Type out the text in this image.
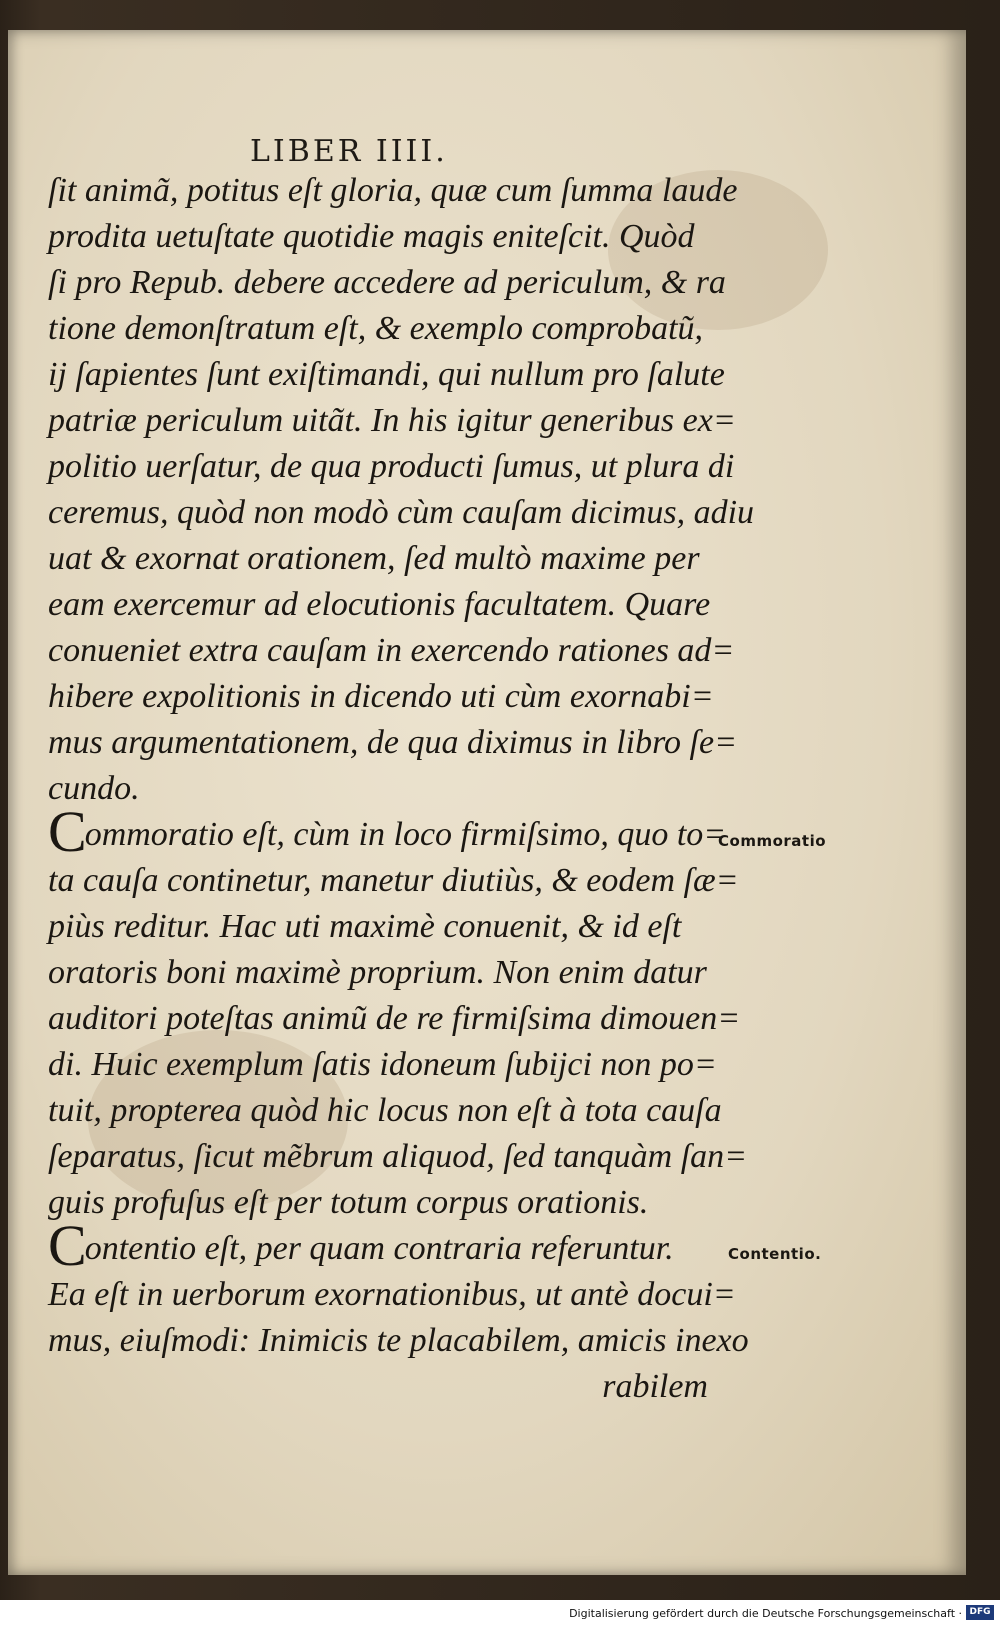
LIBER IIII.
ſit animã, potitus eſt gloria, quæ cum ſumma laude
prodita uetuſtate quotidie magis eniteſcit. Quòd
ſi pro Repub. debere accedere ad periculum, & ra
tione demonſtratum eſt, & exemplo comprobatũ,
ij ſapientes ſunt exiſtimandi, qui nullum pro ſalute
patriæ periculum uitãt. In his igitur generibus ex=
politio uerſatur, de qua producti ſumus, ut plura di
ceremus, quòd non modò cùm cauſam dicimus, adiu
uat & exornat orationem, ſed multò maxime per
eam exercemur ad elocutionis facultatem. Quare
conueniet extra cauſam in exercendo rationes ad=
hibere expolitionis in dicendo uti cùm exornabi=
mus argumentationem, de qua diximus in libro ſe=
cundo.
Commoratio eſt, cùm in loco firmiſsimo, quo to=
ta cauſa continetur, manetur diutiùs, & eodem ſæ=
piùs reditur. Hac uti maximè conuenit, & id eſt
oratoris boni maximè proprium. Non enim datur
auditori poteſtas animũ de re firmiſsima dimouen=
di. Huic exemplum ſatis idoneum ſubijci non po=
tuit, propterea quòd hic locus non eſt à tota cauſa
ſeparatus, ſicut mẽbrum aliquod, ſed tanquàm ſan=
guis profuſus eſt per totum corpus orationis.
Contentio eſt, per quam contraria referuntur.
Ea eſt in uerborum exornationibus, ut antè docui=
mus, eiuſmodi: Inimicis te placabilem, amicis inexo
rabilem
Commoratio
Contentio.
Digitalisierung gefördert durch die Deutsche Forschungsgemeinschaft · DFG
